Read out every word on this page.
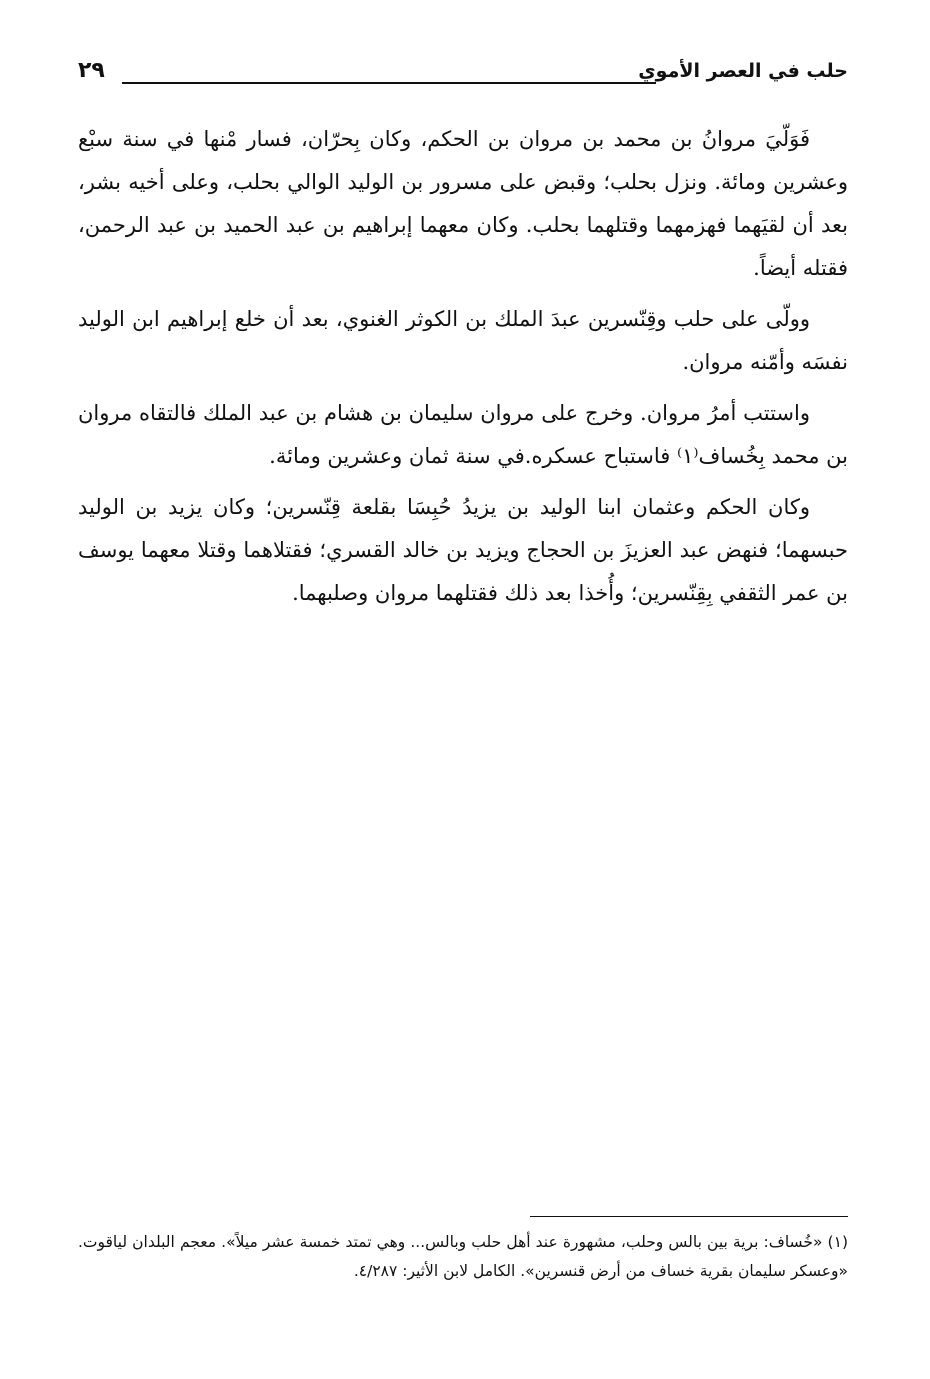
حلب في العصر الأموي
٢٩

فَوَلّيَ مروانُ بن محمد بن مروان بن الحكم، وكان بِحرّان، فسار مْنها في سنة سبْع وعشرين ومائة. ونزل بحلب؛ وقبض على مسرور بن الوليد الوالي بحلب، وعلى أخيه بشر، بعد أن لقيَهما فهزمهما وقتلهما بحلب. وكان معهما إبراهيم بن عبد الحميد بن عبد الرحمن، فقتله أيضاً.

وولّى على حلب وقِنّسرين عبدَ الملك بن الكوثر الغنوي، بعد أن خلع إبراهيم ابن الوليد نفسَه وأمّنه مروان.

واستتب أمرُ مروان. وخرج على مروان سليمان بن هشام بن عبد الملك فالتقاه مروان بن محمد بِخُساف⁽١⁾ فاستباح عسكره.في سنة ثمان وعشرين ومائة.

وكان الحكم وعثمان ابنا الوليد بن يزيدُ حُبِسَا بقلعة قِنّسرين؛ وكان يزيد بن الوليد حبسهما؛ فنهض عبد العزيزَ بن الحجاج ويزيد بن خالد القسري؛ فقتلاهما وقتلا معهما يوسف بن عمر الثقفي بِقِنّسرين؛ وأُخذا بعد ذلك فقتلهما مروان وصلبهما.

(١) «خُساف: برية بين بالس وحلب، مشهورة عند أهل حلب وبالس... وهي تمتد خمسة عشر ميلاً». معجم البلدان لياقوت. «وعسكر سليمان بقرية خساف من أرض قنسرين». الكامل لابن الأثير: ٤/٢٨٧.
